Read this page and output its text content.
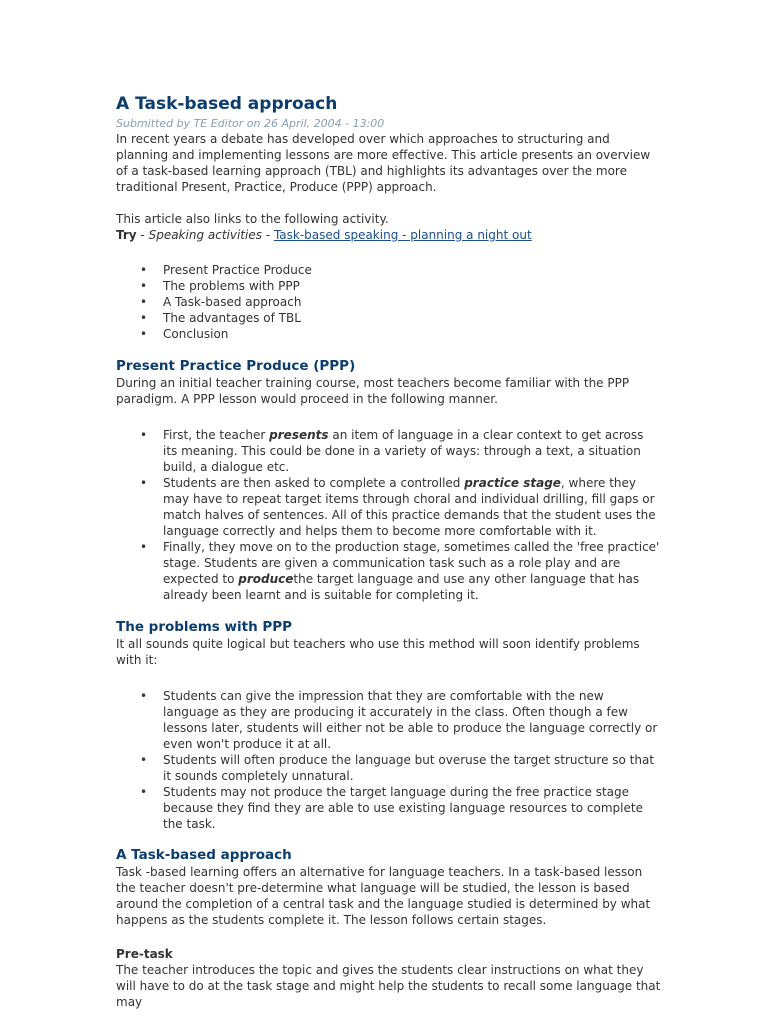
A Task-based approach
Submitted by TE Editor on 26 April, 2004 - 13:00

In recent years a debate has developed over which approaches to structuring and planning and implementing lessons are more effective. This article presents an overview of a task-based learning approach (TBL) and highlights its advantages over the more traditional Present, Practice, Produce (PPP) approach.

This article also links to the following activity.

Try - Speaking activities - Task-based speaking - planning a night out

• Present Practice Produce
• The problems with PPP
• A Task-based approach
• The advantages of TBL
• Conclusion
Present Practice Produce (PPP)

During an initial teacher training course, most teachers become familiar with the PPP paradigm. A PPP lesson would proceed in the following manner.

• First, the teacher presents an item of language in a clear context to get across its meaning. This could be done in a variety of ways: through a text, a situation build, a dialogue etc.
• Students are then asked to complete a controlled practice stage, where they may have to repeat target items through choral and individual drilling, fill gaps or match halves of sentences. All of this practice demands that the student uses the language correctly and helps them to become more comfortable with it.
• Finally, they move on to the production stage, sometimes called the 'free practice' stage. Students are given a communication task such as a role play and are expected to producethe target language and use any other language that has already been learnt and is suitable for completing it.
The problems with PPP

It all sounds quite logical but teachers who use this method will soon identify problems with it:

• Students can give the impression that they are comfortable with the new language as they are producing it accurately in the class. Often though a few lessons later, students will either not be able to produce the language correctly or even won't produce it at all.
• Students will often produce the language but overuse the target structure so that it sounds completely unnatural.
• Students may not produce the target language during the free practice stage because they find they are able to use existing language resources to complete the task.
A Task-based approach

Task -based learning offers an alternative for language teachers. In a task-based lesson the teacher doesn't pre-determine what language will be studied, the lesson is based around the completion of a central task and the language studied is determined by what happens as the students complete it. The lesson follows certain stages.

Pre-task

The teacher introduces the topic and gives the students clear instructions on what they will have to do at the task stage and might help the students to recall some language that may
